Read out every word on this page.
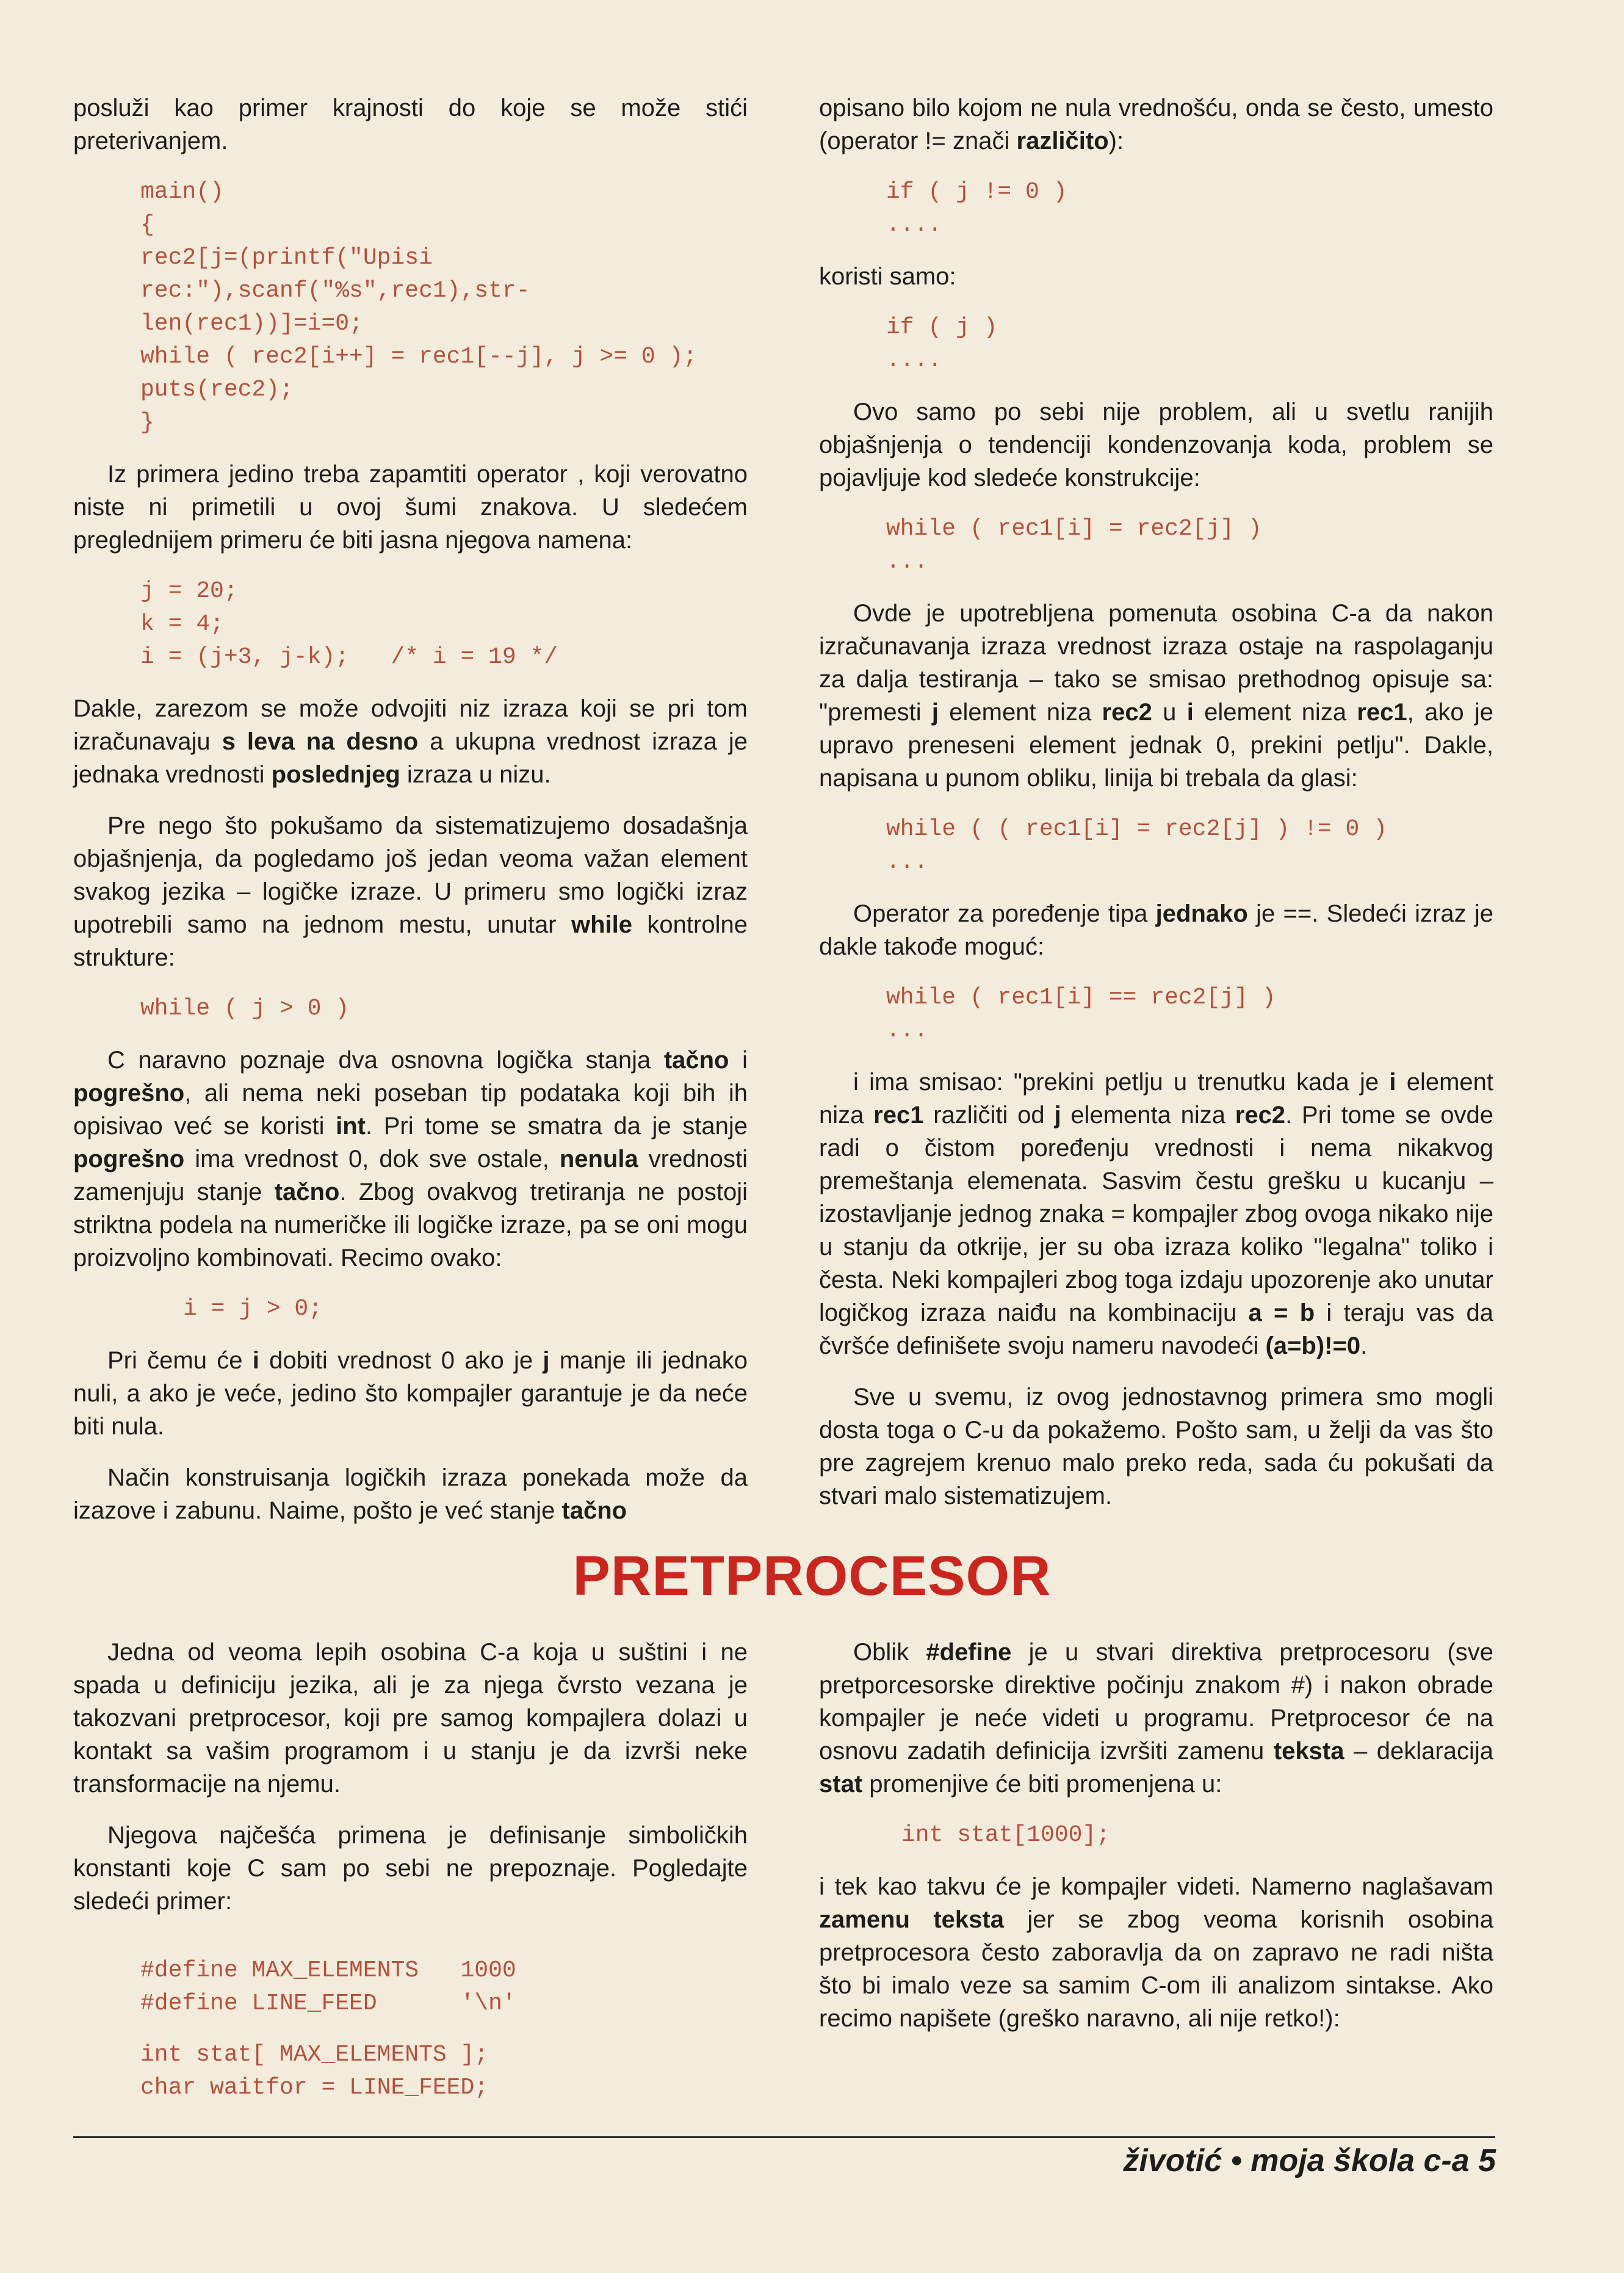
posluži kao primer krajnosti do koje se može stići preterivanjem.

main()
{
rec2[j=(printf("Upisi
rec:"),scanf("%s",rec1),str-
len(rec1))]=i=0;
while ( rec2[i++] = rec1[--j], j >= 0 );
puts(rec2);
}

Iz primera jedino treba zapamtiti operator , koji verovatno niste ni primetili u ovoj šumi znakova. U sledećem preglednijem primeru će biti jasna njegova namena:

j = 20;
k = 4;
i = (j+3, j-k);   /* i = 19 */

Dakle, zarezom se može odvojiti niz izraza koji se pri tom izračunavaju s leva na desno a ukupna vrednost izraza je jednaka vrednosti poslednjeg izraza u nizu.

Pre nego što pokušamo da sistematizujemo dosadašnja objašnjenja, da pogledamo još jedan veoma važan element svakog jezika – logičke izraze. U primeru smo logički izraz upotrebili samo na jednom mestu, unutar while kontrolne strukture:

while ( j > 0 )

C naravno poznaje dva osnovna logička stanja tačno i pogrešno, ali nema neki poseban tip podataka koji bih ih opisivao već se koristi int. Pri tome se smatra da je stanje pogrešno ima vrednost 0, dok sve ostale, nenula vrednosti zamenjuju stanje tačno. Zbog ovakvog tretiranja ne postoji striktna podela na numeričke ili logičke izraze, pa se oni mogu proizvoljno kombinovati. Recimo ovako:

i = j > 0;

Pri čemu će i dobiti vrednost 0 ako je j manje ili jednako nuli, a ako je veće, jedino što kompajler garantuje je da neće biti nula.

Način konstruisanja logičkih izraza ponekada može da izazove i zabunu. Naime, pošto je već stanje tačno

opisano bilo kojom ne nula vrednošću, onda se često, umesto (operator != znači različito):

if ( j != 0 )
....

koristi samo:

if ( j )
....

Ovo samo po sebi nije problem, ali u svetlu ranijih objašnjenja o tendenciji kondenzovanja koda, problem se pojavljuje kod sledeće konstrukcije:

while ( rec1[i] = rec2[j] )
...

Ovde je upotrebljena pomenuta osobina C-a da nakon izračunavanja izraza vrednost izraza ostaje na raspolaganju za dalja testiranja – tako se smisao prethodnog opisuje sa: "premesti j element niza rec2 u i element niza rec1, ako je upravo preneseni element jednak 0, prekini petlju". Dakle, napisana u punom obliku, linija bi trebala da glasi:

while ( ( rec1[i] = rec2[j] ) != 0 )
...

Operator za poređenje tipa jednako je ==. Sledeći izraz je dakle takođe moguć:

while ( rec1[i] == rec2[j] )
...

i ima smisao: "prekini petlju u trenutku kada je i element niza rec1 različiti od j elementa niza rec2. Pri tome se ovde radi o čistom poređenju vrednosti i nema nikakvog premeštanja elemenata. Sasvim čestu grešku u kucanju – izostavljanje jednog znaka = kompajler zbog ovoga nikako nije u stanju da otkrije, jer su oba izraza koliko "legalna" toliko i česta. Neki kompajleri zbog toga izdaju upozorenje ako unutar logičkog izraza naiđu na kombinaciju a = b i teraju vas da čvršće definišete svoju nameru navodeći (a=b)!=0.

Sve u svemu, iz ovog jednostavnog primera smo mogli dosta toga o C-u da pokažemo. Pošto sam, u želji da vas što pre zagrejem krenuo malo preko reda, sada ću pokušati da stvari malo sistematizujem.

PRETPROCESOR

Jedna od veoma lepih osobina C-a koja u suštini i ne spada u definiciju jezika, ali je za njega čvrsto vezana je takozvani pretprocesor, koji pre samog kompajlera dolazi u kontakt sa vašim programom i u stanju je da izvrši neke transformacije na njemu.

Njegova najčešća primena je definisanje simboličkih konstanti koje C sam po sebi ne prepoznaje. Pogledajte sledeći primer:

#define MAX_ELEMENTS   1000
#define LINE_FEED      '\n'
int stat[ MAX_ELEMENTS ];
char waitfor = LINE_FEED;

Oblik #define je u stvari direktiva pretprocesoru (sve pretporcesorske direktive počinju znakom #) i nakon obrade kompajler je neće videti u programu. Pretprocesor će na osnovu zadatih definicija izvršiti zamenu teksta – deklaracija stat promenjive će biti promenjena u:

int stat[1000];

i tek kao takvu će je kompajler videti. Namerno naglašavam zamenu teksta jer se zbog veoma korisnih osobina pretprocesora često zaboravlja da on zapravo ne radi ništa što bi imalo veze sa samim C-om ili analizom sintakse. Ako recimo napišete (greško naravno, ali nije retko!):

životić • moja škola c-a 5
